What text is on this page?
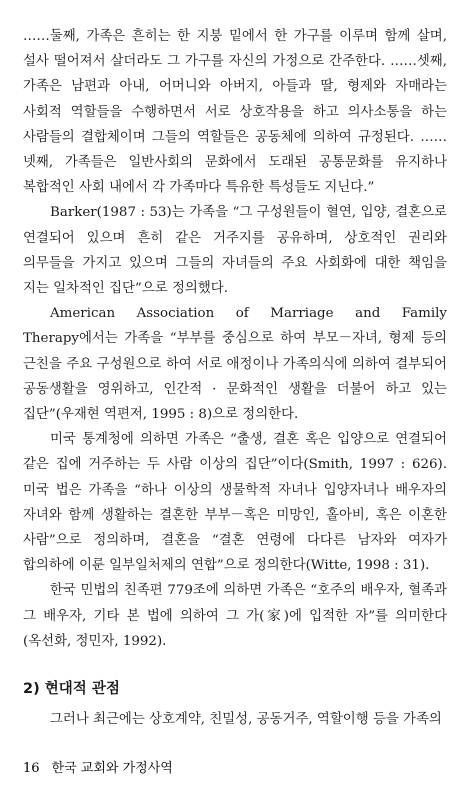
……둘째, 가족은 흔히는 한 지붕 밑에서 한 가구를 이루며 함께 살며, 설사 떨어져서 살더라도 그 가구를 자신의 가정으로 간주한다. ……셋째, 가족은 남편과 아내, 어머니와 아버지, 아들과 딸, 형제와 자매라는 사회적 역할들을 수행하면서 서로 상호작용을 하고 의사소통을 하는 사람들의 결합체이며 그들의 역할들은 공동체에 의하여 규정된다. ……넷째, 가족들은 일반사회의 문화에서 도래된 공통문화를 유지하나 복합적인 사회 내에서 각 가족마다 특유한 특성들도 지닌다.”

Barker(1987 : 53)는 가족을 “그 구성원들이 혈연, 입양, 결혼으로 연결되어 있으며 흔히 같은 거주지를 공유하며, 상호적인 권리와 의무들을 가지고 있으며 그들의 자녀들의 주요 사회화에 대한 책임을 지는 일차적인 집단”으로 정의했다.

American Association of Marriage and Family Therapy에서는 가족을 “부부를 중심으로 하여 부모－자녀, 형제 등의 근친을 주요 구성원으로 하여 서로 애정이나 가족의식에 의하여 결부되어 공동생활을 영위하고, 인간적 · 문화적인 생활을 더불어 하고 있는 집단”(우재현 역편저, 1995 : 8)으로 정의한다.

미국 통계청에 의하면 가족은 “출생, 결혼 혹은 입양으로 연결되어 같은 집에 거주하는 두 사람 이상의 집단”이다(Smith, 1997 : 626). 미국 법은 가족을 “하나 이상의 생물학적 자녀나 입양자녀나 배우자의 자녀와 함께 생활하는 결혼한 부부－혹은 미망인, 홀아비, 혹은 이혼한 사람”으로 정의하며, 결혼을 “결혼 연령에 다다른 남자와 여자가 합의하에 이룬 일부일처제의 연합”으로 정의한다(Witte, 1998 : 31).

한국 민법의 친족편 779조에 의하면 가족은 “호주의 배우자, 혈족과 그 배우자, 기타 본 법에 의하여 그 가(家)에 입적한 자”를 의미한다(옥선화, 정민자, 1992).

2) 현대적 관점

그러나 최근에는 상호계약, 친밀성, 공동거주, 역할이행 등을 가족의

16 한국 교회와 가정사역
